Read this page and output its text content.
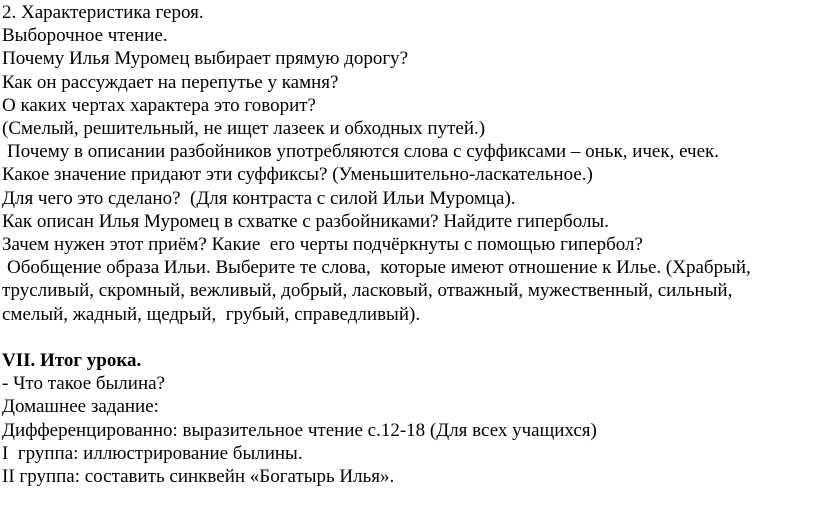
2. Характеристика героя.
Выборочное чтение.
Почему Илья Муромец выбирает прямую дорогу?
Как он рассуждает на перепутье у камня?
О каких чертах характера это говорит?
(Смелый, решительный, не ищет лазеек и обходных путей.)
Почему в описании разбойников употребляются слова с суффиксами – оньк, ичек, ечек.
Какое значение придают эти суффиксы? (Уменьшительно-ласкательное.)
Для чего это сделано?  (Для контраста с силой Ильи Муромца).
Как описан Илья Муромец в схватке с разбойниками? Найдите гиперболы.
Зачем нужен этот приём? Какие  его черты подчёркнуты с помощью гипербол?
Обобщение образа Ильи. Выберите те слова,  которые имеют отношение к Илье. (Храбрый,
трусливый, скромный, вежливый, добрый, ласковый, отважный, мужественный, сильный,
смелый, жадный, щедрый,  грубый, справедливый).
VII. Итог урока.
- Что такое былина?
Домашнее задание:
Дифференцированно: выразительное чтение с.12-18 (Для всех учащихся)
I  группа: иллюстрирование былины.
II группа: составить синквейн «Богатырь Илья».
